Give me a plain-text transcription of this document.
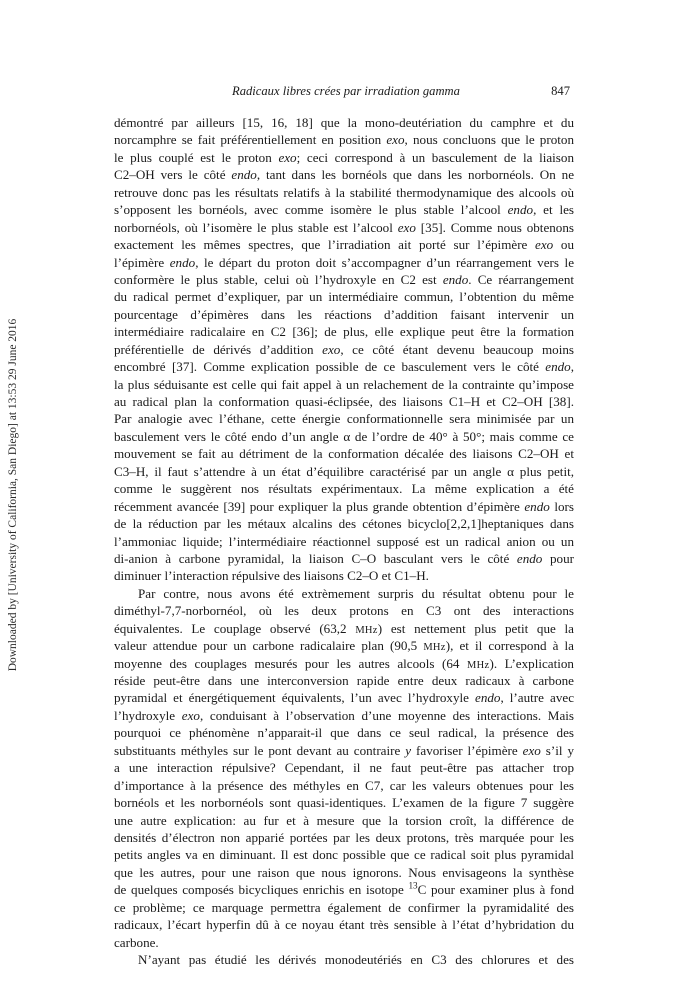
Radicaux libres crées par irradiation gamma	847
Downloaded by [University of California, San Diego] at 13:53 29 June 2016
démontré par ailleurs [15, 16, 18] que la mono-deutériation du camphre et du
norcamphre se fait préférentiellement en position exo, nous concluons que le proton
le plus couplé est le proton exo; ceci correspond à un basculement de la liaison
C2–OH vers le côté endo, tant dans les bornéols que dans les norbornéols. On ne
retrouve donc pas les résultats relatifs à la stabilité thermodynamique des alcools où
s’opposent les bornéols, avec comme isomère le plus stable l’alcool endo, et les
norbornéols, où l’isomère le plus stable est l’alcool exo [35]. Comme nous obtenons
exactement les mêmes spectres, que l’irradiation ait porté sur l’épimère exo ou
l’épimère endo, le départ du proton doit s’accompagner d’un réarrangement vers le
conformère le plus stable, celui où l’hydroxyle en C2 est endo. Ce réarrangement
du radical permet d’expliquer, par un intermédiaire commun, l’obtention du même
pourcentage d’épimères dans les réactions d’addition faisant intervenir un
intermédiaire radicalaire en C2 [36]; de plus, elle explique peut être la formation
préférentielle de dérivés d’addition exo, ce côté étant devenu beaucoup moins
encombré [37]. Comme explication possible de ce basculement vers le côté endo,
la plus séduisante est celle qui fait appel à un relachement de la contrainte qu’impose
au radical plan la conformation quasi-éclipsée, des liaisons C1–H et C2–OH [38].
Par analogie avec l’éthane, cette énergie conformationnelle sera minimisée par un
basculement vers le côté endo d’un angle α de l’ordre de 40° à 50°; mais comme ce
mouvement se fait au détriment de la conformation décalée des liaisons C2–OH et
C3–H, il faut s’attendre à un état d’équilibre caractérisé par un angle α plus petit,
comme le suggèrent nos résultats expérimentaux. La même explication a été
récemment avancée [39] pour expliquer la plus grande obtention d’épimère endo lors
de la réduction par les métaux alcalins des cétones bicyclo[2,2,1]heptaniques dans
l’ammoniac liquide; l’intermédiaire réactionnel supposé est un radical anion ou un
di-anion à carbone pyramidal, la liaison C–O basculant vers le côté endo pour
diminuer l’interaction répulsive des liaisons C2–O et C1–H.
Par contre, nous avons été extrèmement surpris du résultat obtenu pour le
diméthyl-7,7-norbornéol, où les deux protons en C3 ont des interactions
équivalentes. Le couplage observé (63,2 MHz) est nettement plus petit que la
valeur attendue pour un carbone radicalaire plan (90,5 MHz), et il correspond à la
moyenne des couplages mesurés pour les autres alcools (64 MHz). L’explication
réside peut-être dans une interconversion rapide entre deux radicaux à carbone
pyramidal et énergétiquement équivalents, l’un avec l’hydroxyle endo, l’autre avec
l’hydroxyle exo, conduisant à l’observation d’une moyenne des interactions. Mais
pourquoi ce phénomène n’apparait-il que dans ce seul radical, la présence des
substituants méthyles sur le pont devant au contraire y favoriser l’épimère exo s’il y
a une interaction répulsive? Cependant, il ne faut peut-être pas attacher trop
d’importance à la présence des méthyles en C7, car les valeurs obtenues pour les
bornéols et les norbornéols sont quasi-identiques. L’examen de la figure 7 suggère
une autre explication: au fur et à mesure que la torsion croît, la différence de
densités d’électron non apparié portées par les deux protons, très marquée pour les
petits angles va en diminuant. Il est donc possible que ce radical soit plus pyramidal
que les autres, pour une raison que nous ignorons. Nous envisageons la synthèse
de quelques composés bicycliques enrichis en isotope $^{13}$C pour examiner plus à fond
ce problème; ce marquage permettra également de confirmer la pyramidalité des
radicaux, l’écart hyperfin dû à ce noyau étant très sensible à l’état d’hybridation du
carbone.
N’ayant pas étudié les dérivés monodeutériés en C3 des chlorures et des
